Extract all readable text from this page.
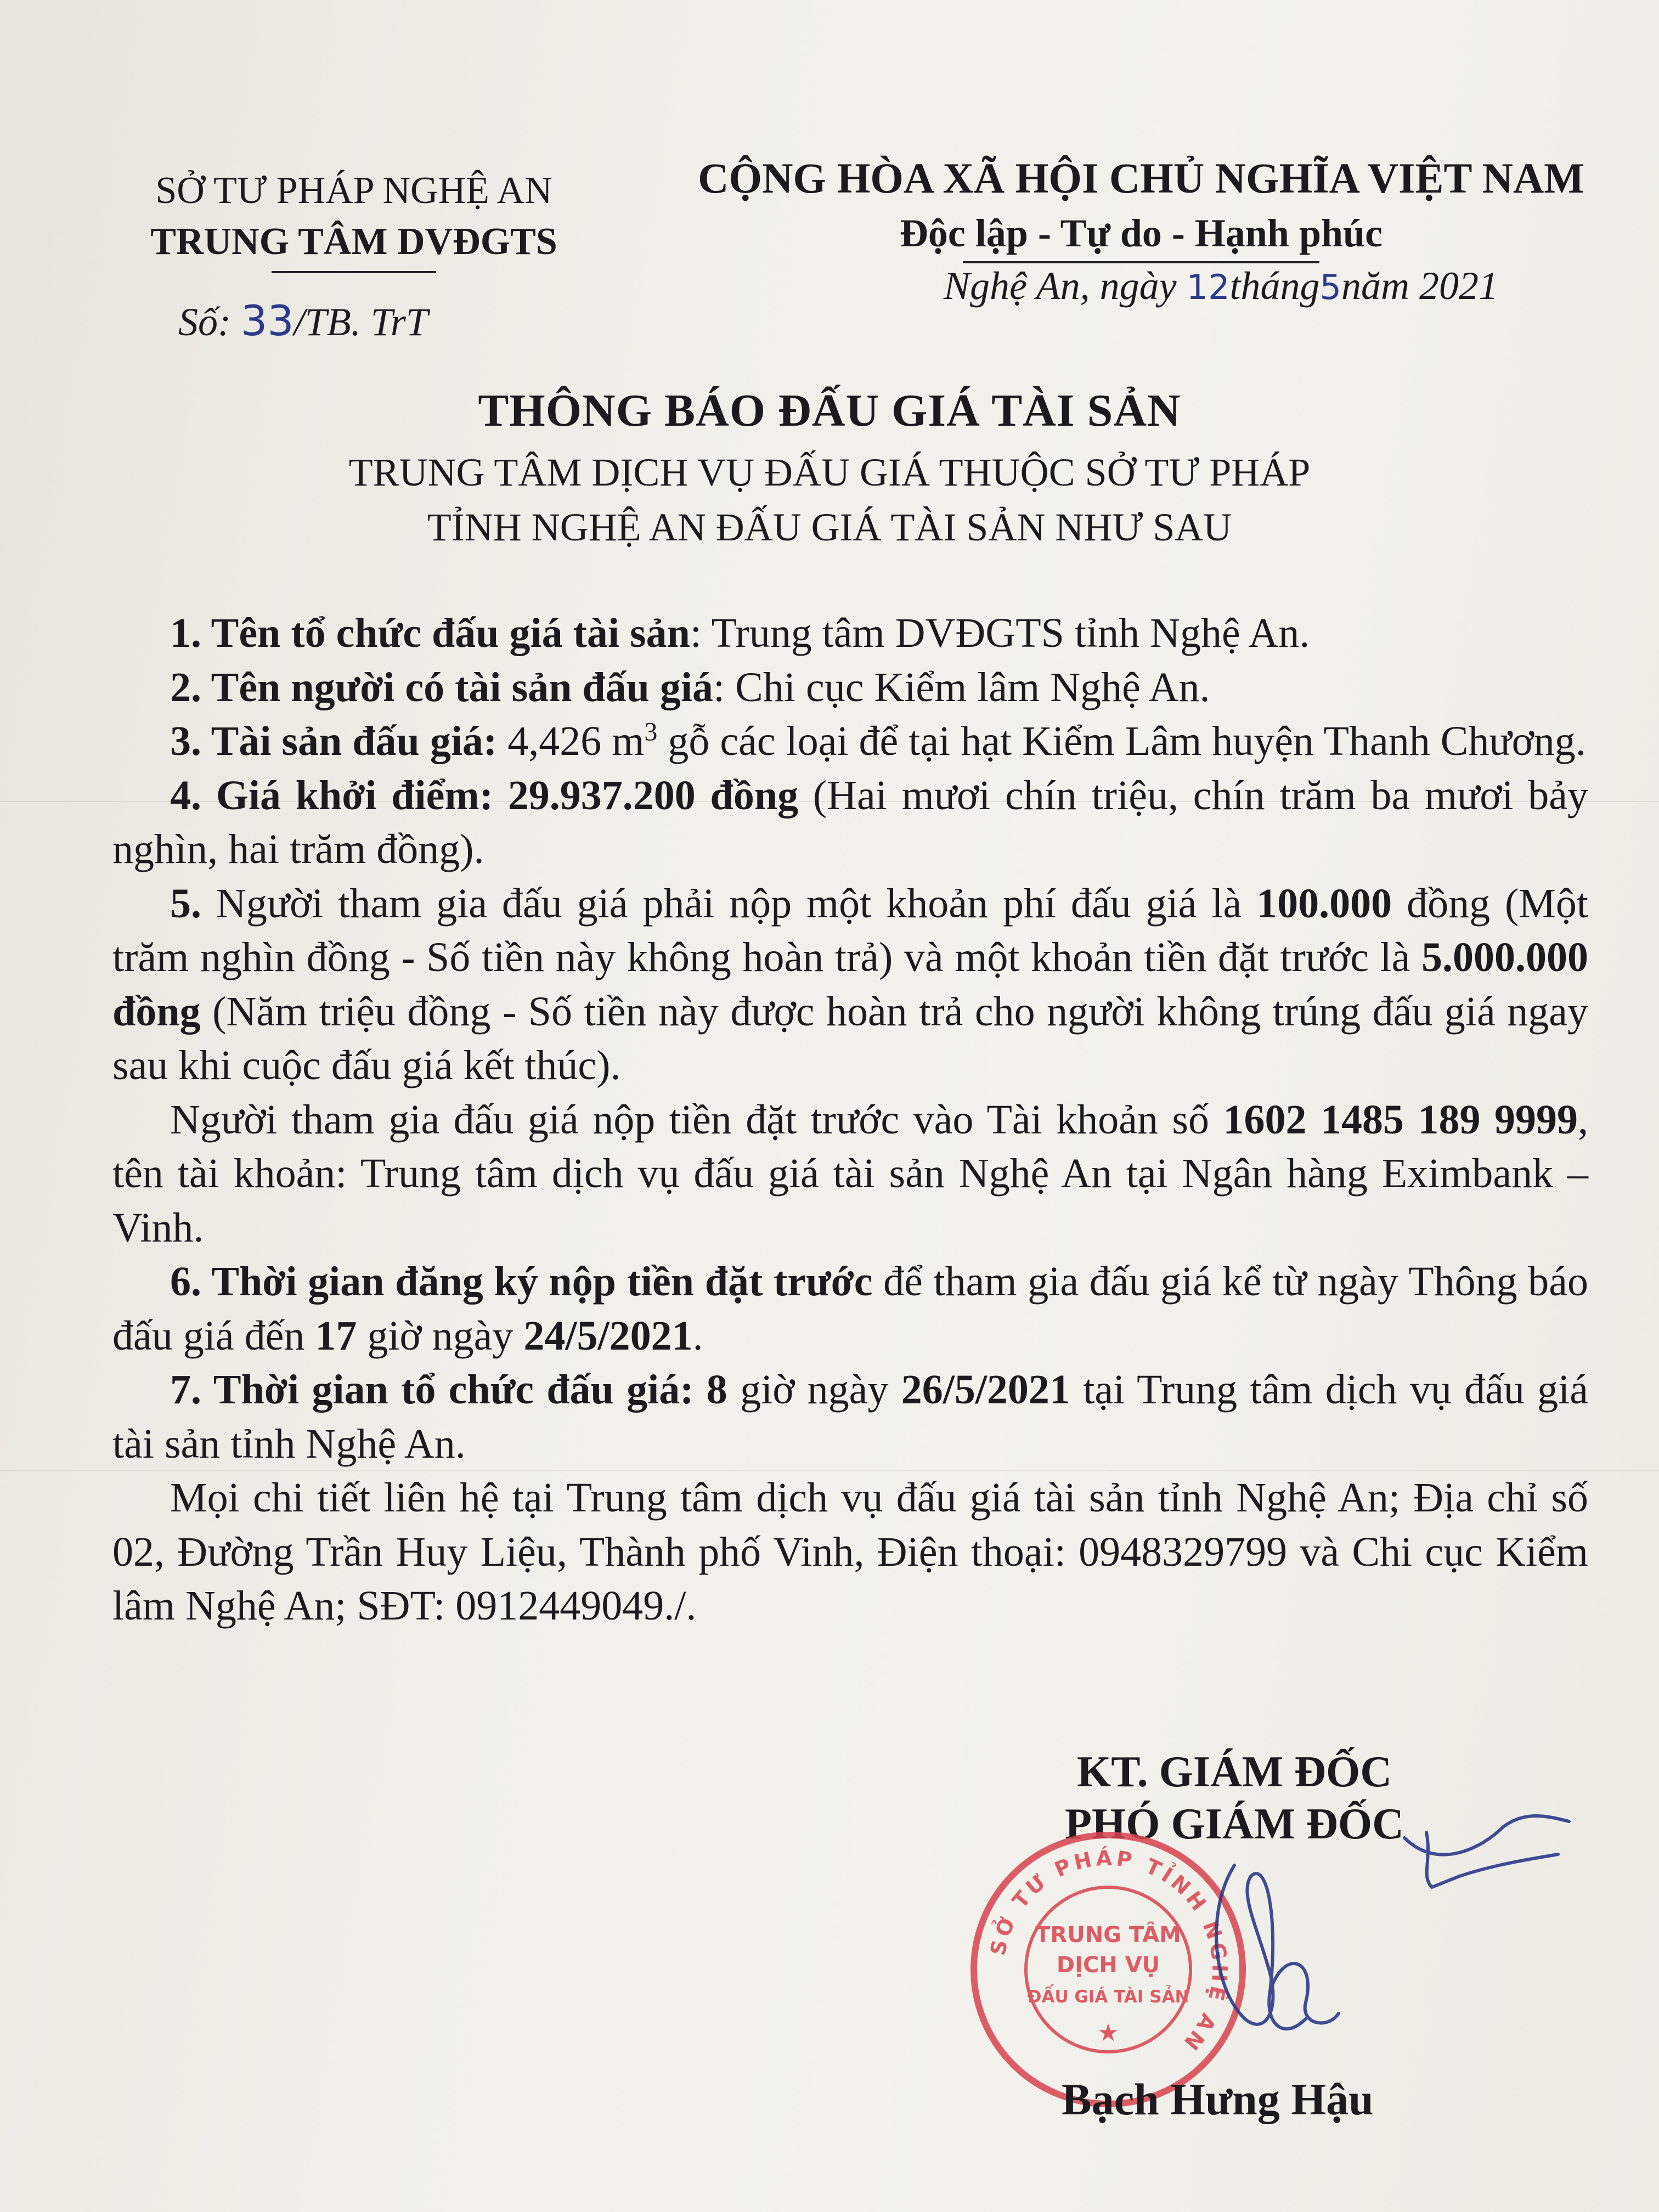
SỞ TƯ PHÁP NGHỆ AN
TRUNG TÂM DVĐGTS
Số: 33/TB. TrT
CỘNG HÒA XÃ HỘI CHỦ NGHĨA VIỆT NAM
Độc lập - Tự do - Hạnh phúc
Nghệ An, ngày 12tháng5năm 2021
THÔNG BÁO ĐẤU GIÁ TÀI SẢN
TRUNG TÂM DỊCH VỤ ĐẤU GIÁ THUỘC SỞ TƯ PHÁP
TỈNH NGHỆ AN ĐẤU GIÁ TÀI SẢN NHƯ SAU

1. Tên tổ chức đấu giá tài sản: Trung tâm DVĐGTS tỉnh Nghệ An.

2. Tên người có tài sản đấu giá: Chi cục Kiểm lâm Nghệ An.

3. Tài sản đấu giá: 4,426 $m^3$ gỗ các loại để tại hạt Kiểm Lâm huyện Thanh Chương.

4. Giá khởi điểm: 29.937.200 đồng (Hai mươi chín triệu, chín trăm ba mươi bảy nghìn, hai trăm đồng).

5. Người tham gia đấu giá phải nộp một khoản phí đấu giá là 100.000 đồng (Một trăm nghìn đồng - Số tiền này không hoàn trả) và một khoản tiền đặt trước là 5.000.000 đồng (Năm triệu đồng - Số tiền này được hoàn trả cho người không trúng đấu giá ngay sau khi cuộc đấu giá kết thúc).

Người tham gia đấu giá nộp tiền đặt trước vào Tài khoản số 1602 1485 189 9999, tên tài khoản: Trung tâm dịch vụ đấu giá tài sản Nghệ An tại Ngân hàng Eximbank –Vinh.

6. Thời gian đăng ký nộp tiền đặt trước để tham gia đấu giá kể từ ngày Thông báo đấu giá đến 17 giờ ngày 24/5/2021.

7. Thời gian tổ chức đấu giá: 8 giờ ngày 26/5/2021 tại Trung tâm dịch vụ đấu giá tài sản tỉnh Nghệ An.

Mọi chi tiết liên hệ tại Trung tâm dịch vụ đấu giá tài sản tỉnh Nghệ An; Địa chỉ số 02, Đường Trần Huy Liệu, Thành phố Vinh, Điện thoại: 0948329799 và Chi cục Kiểm lâm Nghệ An; SĐT: 0912449049./.

KT. GIÁM ĐỐC
PHÓ GIÁM ĐỐC
SỞ TƯ PHÁP TỈNH NGHỆ AN
TRUNG TÂM
DỊCH VỤ
ĐẤU GIÁ TÀI SẢN
★
Bạch Hưng Hậu
